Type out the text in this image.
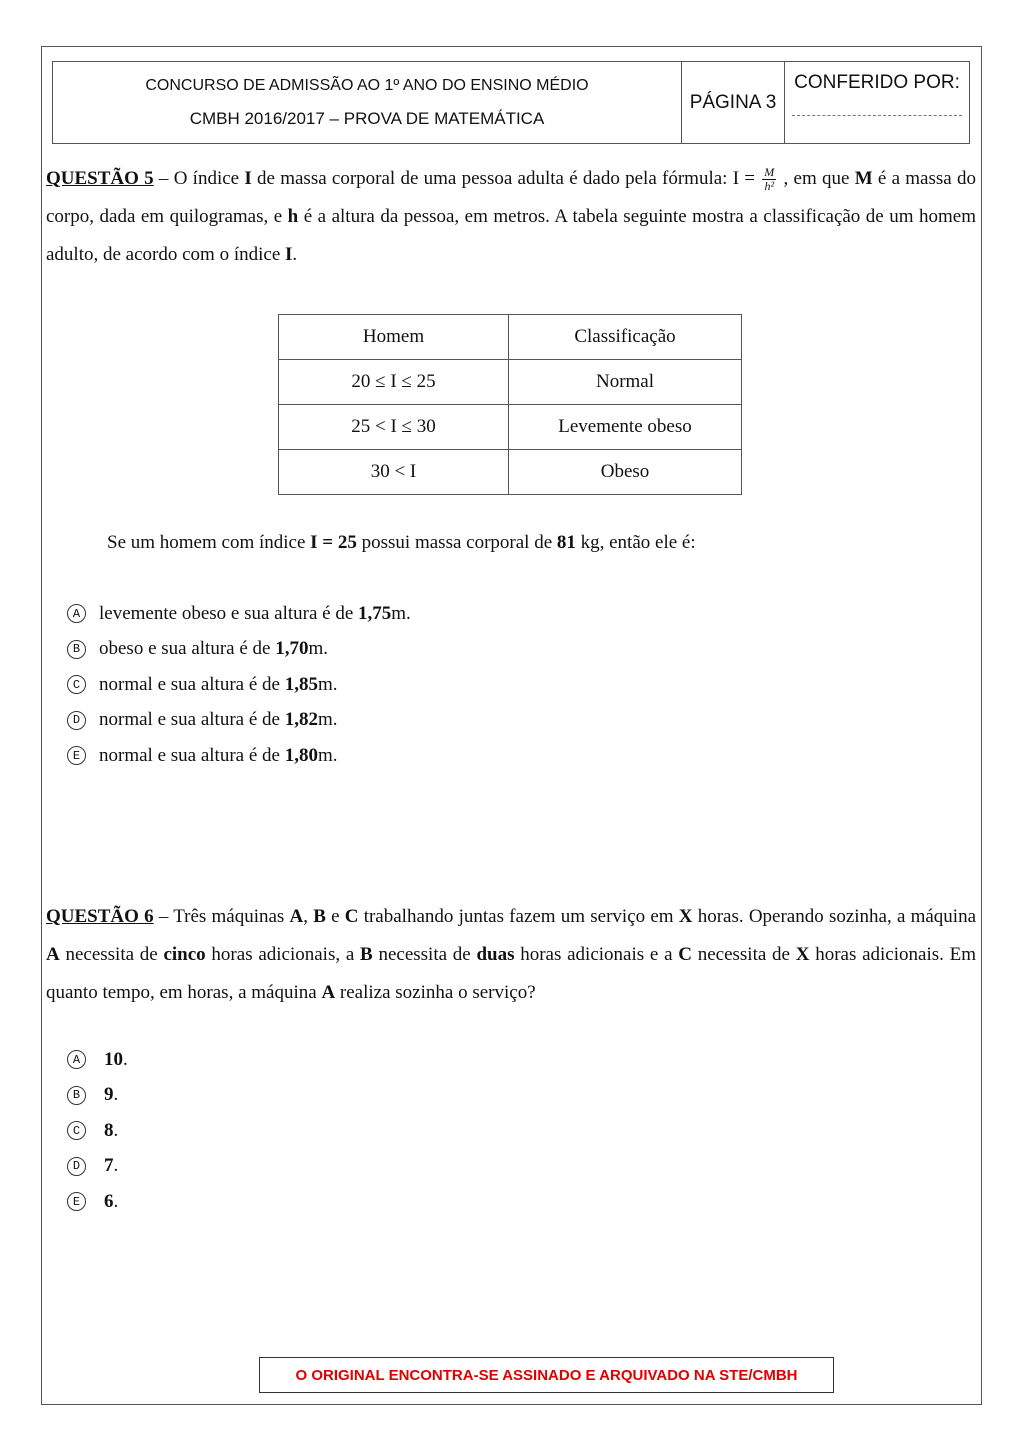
CONCURSO DE ADMISSÃO AO 1º ANO DO ENSINO MÉDIO
CMBH 2016/2017 – PROVA DE MATEMÁTICA
PÁGINA 3
CONFERIDO POR:
QUESTÃO 5 – O índice I de massa corporal de uma pessoa adulta é dado pela fórmula: $I = \frac{M}{\text{h²}}$ , em que M é a massa do corpo, dada em quilogramas, e h é a altura da pessoa, em metros. A tabela seguinte mostra a classificação de um homem adulto, de acordo com o índice I.
Homem	Classificação
20 ≤ I ≤ 25	Normal
25 < I ≤ 30	Levemente obeso
30 < I	Obeso
Se um homem com índice I = 25 possui massa corporal de 81 kg, então ele é:
A levemente obeso e sua altura é de
1,75 m.
B obeso e sua altura é de
1,70 m.
C normal e sua altura é de
1,85 m.
D normal e sua altura é de
1,82 m.
E normal e sua altura é de
1,80 m.
QUESTÃO 6 – Três máquinas A, B e C trabalhando juntas fazem um serviço em X horas. Operando sozinha, a máquina A necessita de cinco horas adicionais, a B necessita de duas horas adicionais e a C necessita de X horas adicionais. Em quanto tempo, em horas, a máquina A realiza sozinha o serviço?
A	10 .
B	9 .
C	8 .
D	7 .
E	6 .
O ORIGINAL ENCONTRA-SE ASSINADO E ARQUIVADO NA STE/CMBH
